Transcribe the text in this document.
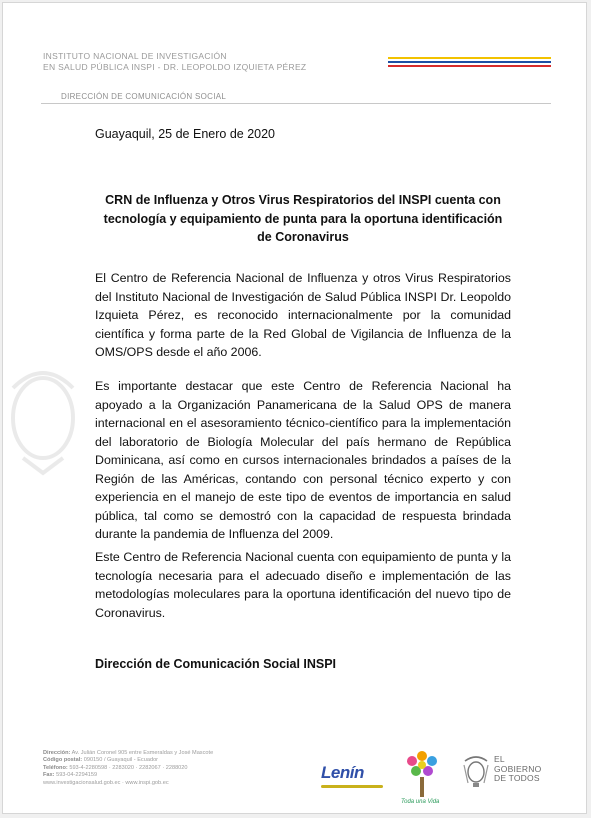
INSTITUTO NACIONAL DE INVESTIGACIÓN
EN SALUD PÚBLICA INSPI - DR. LEOPOLDO IZQUIETA PÉREZ
DIRECCIÓN DE COMUNICACIÓN SOCIAL
Guayaquil, 25 de Enero de 2020
CRN de Influenza y Otros Virus Respiratorios del INSPI cuenta con tecnología y equipamiento de punta para la oportuna identificación de Coronavirus
El Centro de Referencia Nacional de Influenza y otros Virus Respiratorios del Instituto Nacional de Investigación de Salud Pública INSPI Dr. Leopoldo Izquieta Pérez, es reconocido internacionalmente por la comunidad científica y forma parte de la Red Global de Vigilancia de Influenza de la OMS/OPS desde el año 2006.
Es importante destacar que este Centro de Referencia Nacional ha apoyado a la Organización Panamericana de la Salud OPS de manera internacional en el asesoramiento técnico-científico para la implementación del laboratorio de Biología Molecular del país hermano de República Dominicana, así como en cursos internacionales brindados a países de la Región de las Américas, contando con personal técnico experto y con experiencia en el manejo de este tipo de eventos de importancia en salud pública, tal como se demostró con la capacidad de respuesta brindada durante la pandemia de Influenza del 2009.
Este Centro de Referencia Nacional cuenta con equipamiento de punta y la tecnología necesaria para el adecuado diseño e implementación de las metodologías moleculares para la oportuna identificación del nuevo tipo de Coronavirus.
Dirección de Comunicación Social INSPI
Dirección: Av. Julián Coronel 905 entre Esmeraldas y José Mascote
Código postal: 090150 / Guayaquil - Ecuador
Teléfono: 593-4-2280598 · 2283020 · 2282067 · 2288020
Fax: 593-04-2294159
www.investigacionsalud.gob.ec · www.inspi.gob.ec
Lenín
Toda una Vida
EL
GOBIERNO
DE TODOS
